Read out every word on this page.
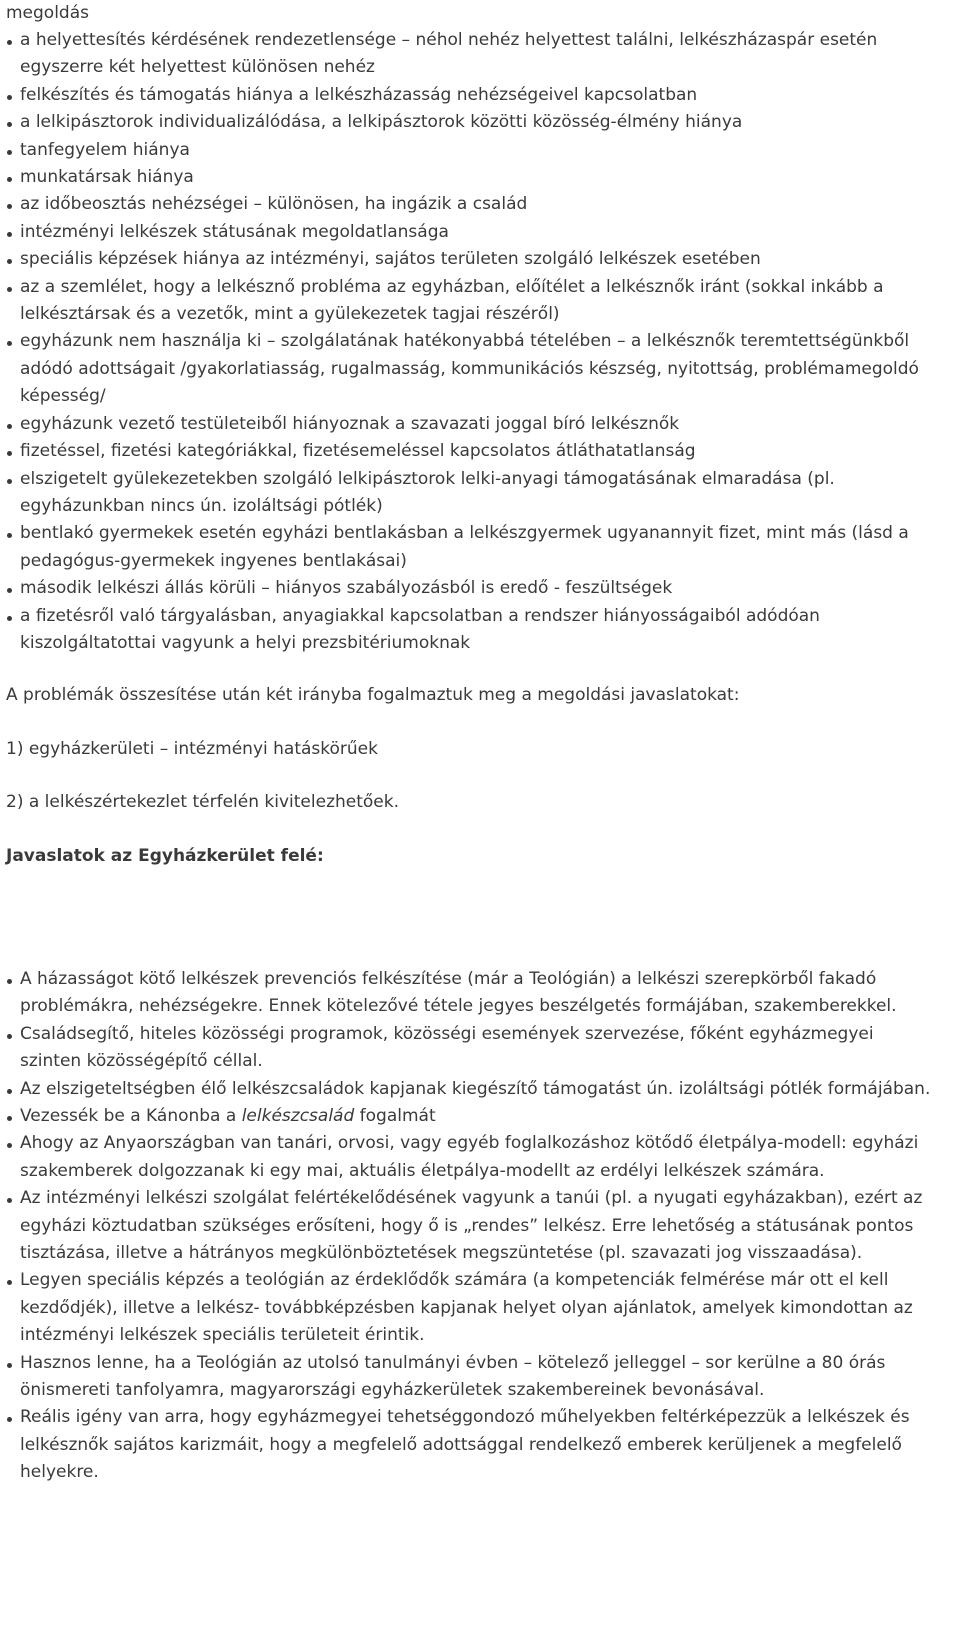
megoldás

a helyettesítés kérdésének rendezetlensége – néhol nehéz helyettest találni, lelkészházaspár esetén egyszerre két helyettest különösen nehéz
felkészítés és támogatás hiánya a lelkészházasság nehézségeivel kapcsolatban
a lelkipásztorok individualizálódása, a lelkipásztorok közötti közösség-élmény hiánya
tanfegyelem hiánya
munkatársak hiánya
az időbeosztás nehézségei – különösen, ha ingázik a család
intézményi lelkészek státusának megoldatlansága
speciális képzések hiánya az intézményi, sajátos területen szolgáló lelkészek esetében
az a szemlélet, hogy a lelkésznő probléma az egyházban, előítélet a lelkésznők iránt (sokkal inkább a lelkésztársak és a vezetők, mint a gyülekezetek tagjai részéről)
egyházunk nem használja ki – szolgálatának hatékonyabbá tételében – a lelkésznők teremtettségünkből adódó adottságait /gyakorlatiasság, rugalmasság, kommunikációs készség, nyitottság, problémamegoldó képesség/
egyházunk vezető testületeiből hiányoznak a szavazati joggal bíró lelkésznők
fizetéssel, fizetési kategóriákkal, fizetésemeléssel kapcsolatos átláthatatlanság
elszigetelt gyülekezetekben szolgáló lelkipásztorok lelki-anyagi támogatásának elmaradása (pl. egyházunkban nincs ún. izoláltsági pótlék)
bentlakó gyermekek esetén egyházi bentlakásban a lelkészgyermek ugyanannyit fizet, mint más (lásd a pedagógus-gyermekek ingyenes bentlakásai)
második lelkészi állás körüli – hiányos szabályozásból is eredő - feszültségek
a fizetésről való tárgyalásban, anyagiakkal kapcsolatban a rendszer hiányosságaiból adódóan kiszolgáltatottai vagyunk a helyi prezsbitériumoknak

A problémák összesítése után két irányba fogalmaztuk meg a megoldási javaslatokat:

1) egyházkerületi – intézményi hatáskörűek

2) a lelkészértekezlet térfelén kivitelezhetőek.

Javaslatok az Egyházkerület felé:

A házasságot kötő lelkészek prevenciós felkészítése (már a Teológián) a lelkészi szerepkörből fakadó problémákra, nehézségekre. Ennek kötelezővé tétele jegyes beszélgetés formájában, szakemberekkel.
Családsegítő, hiteles közösségi programok, közösségi események szervezése, főként egyházmegyei szinten közösségépítő céllal.
Az elszigeteltségben élő lelkészcsaládok kapjanak kiegészítő támogatást ún. izoláltsági pótlék formájában.
Vezessék be a Kánonba a lelkészcsalád fogalmát
Ahogy az Anyaországban van tanári, orvosi, vagy egyéb foglalkozáshoz kötődő életpálya-modell: egyházi szakemberek dolgozzanak ki egy mai, aktuális életpálya-modellt az erdélyi lelkészek számára.
Az intézményi lelkészi szolgálat felértékelődésének vagyunk a tanúi (pl. a nyugati egyházakban), ezért az egyházi köztudatban szükséges erősíteni, hogy ő is „rendes” lelkész. Erre lehetőség a státusának pontos tisztázása, illetve a hátrányos megkülönböztetések megszüntetése (pl. szavazati jog visszaadása).
Legyen speciális képzés a teológián az érdeklődők számára (a kompetenciák felmérése már ott el kell kezdődjék), illetve a lelkész- továbbképzésben kapjanak helyet olyan ajánlatok, amelyek kimondottan az intézményi lelkészek speciális területeit érintik.
Hasznos lenne, ha a Teológián az utolsó tanulmányi évben – kötelező jelleggel – sor kerülne a 80 órás önismereti tanfolyamra, magyarországi egyházkerületek szakembereinek bevonásával.
Reális igény van arra, hogy egyházmegyei tehetséggondozó műhelyekben feltérképezzük a lelkészek és lelkésznők sajátos karizmáit, hogy a megfelelő adottsággal rendelkező emberek kerüljenek a megfelelő helyekre.
